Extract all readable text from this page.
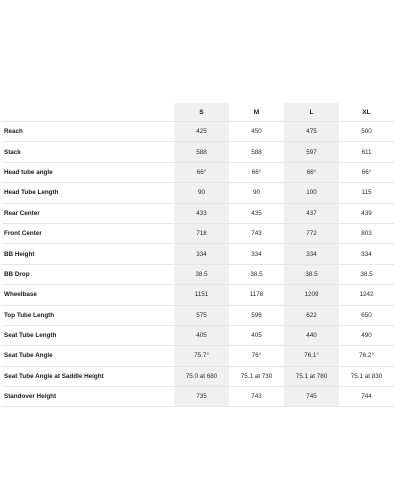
	S	M	L	XL
Reach	425	450	475	500
Stack	588	588	597	611
Head tube angle	66°	66°	66°	66°
Head Tube Length	90	90	100	115
Rear Center	433	435	437	439
Front Center	718	743	772	803
BB Height	334	334	334	334
BB Drop	38.5	38.5	38.5	38.5
Wheelbase	1151	1178	1209	1242
Top Tube Length	575	596	622	650
Seat Tube Length	405	405	440	490
Seat Tube Angle	75.7°	76°	76.1°	76.2°
Seat Tube Angle at Saddle Height	75.0 at 680	75.1 at 730	75.1 at 780	75.1 at 830
Standover Height	735	743	745	744
